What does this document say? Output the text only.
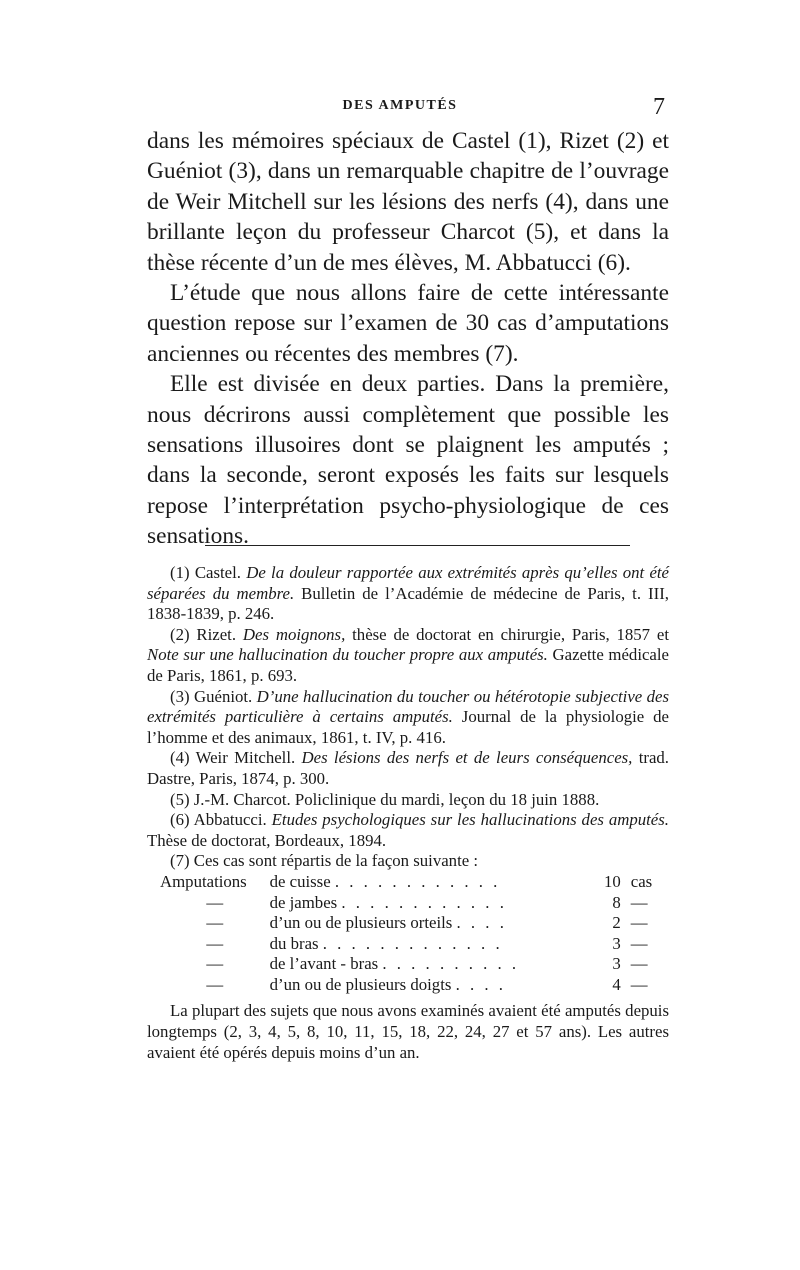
DES AMPUTÉS	7

dans les mémoires spéciaux de Castel (1), Rizet (2) et Guéniot (3), dans un remarquable chapitre de l’ouvrage de Weir Mitchell sur les lésions des nerfs (4), dans une brillante leçon du professeur Charcot (5), et dans la thèse récente d’un de mes élèves, M. Abbatucci (6).

L’étude que nous allons faire de cette intéressante question repose sur l’examen de 30 cas d’amputations anciennes ou récentes des membres (7).

Elle est divisée en deux parties. Dans la première, nous décrirons aussi complètement que possible les sensations illusoires dont se plaignent les amputés ; dans la seconde, seront exposés les faits sur lesquels repose l’interprétation psycho-physiologique de ces sensations.

(1) Castel. De la douleur rapportée aux extrémités après qu’elles ont été séparées du membre. Bulletin de l’Académie de médecine de Paris, t. III, 1838-1839, p. 246.

(2) Rizet. Des moignons, thèse de doctorat en chirurgie, Paris, 1857 et Note sur une hallucination du toucher propre aux amputés. Gazette médicale de Paris, 1861, p. 693.

(3) Guéniot. D’une hallucination du toucher ou hétérotopie subjective des extrémités particulière à certains amputés. Journal de la physiologie de l’homme et des animaux, 1861, t. IV, p. 416.

(4) Weir Mitchell. Des lésions des nerfs et de leurs conséquences, trad. Dastre, Paris, 1874, p. 300.

(5) J.-M. Charcot. Policlinique du mardi, leçon du 18 juin 1888.

(6) Abbatucci. Etudes psychologiques sur les hallucinations des amputés. Thèse de doctorat, Bordeaux, 1894.

(7) Ces cas sont répartis de la façon suivante :

Amputations	de cuisse . . . . . . . . . . . .	10	cas
—	de jambes . . . . . . . . . . . .	8	—
—	d’un ou de plusieurs orteils . . . .	2	—
—	du bras . . . . . . . . . . . . .	3	—
—	de l’avant - bras . . . . . . . . . .	3	—
—	d’un ou de plusieurs doigts . . . .	4	—

La plupart des sujets que nous avons examinés avaient été amputés depuis longtemps (2, 3, 4, 5, 8, 10, 11, 15, 18, 22, 24, 27 et 57 ans). Les autres avaient été opérés depuis moins d’un an.
